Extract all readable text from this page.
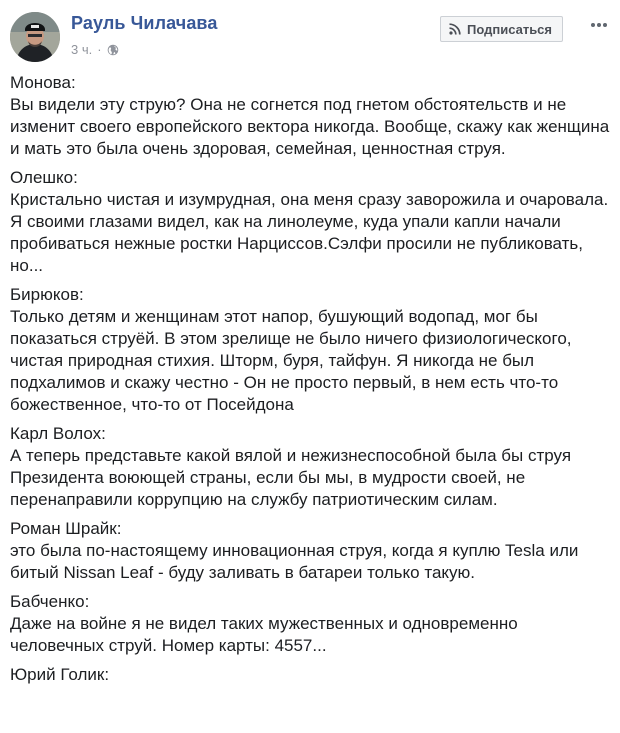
Рауль Чилачава
3 ч. ·
Подписаться
Монова:
Вы видели эту струю? Она не согнется под гнетом обстоятельств и не изменит своего европейского вектора никогда. Вообще, скажу как женщина и мать это была очень здоровая, семейная, ценностная струя.
Олешко:
Кристально чистая и изумрудная, она меня сразу заворожила и очаровала. Я своими глазами видел, как на линолеуме, куда упали капли начали пробиваться нежные ростки Нарциссов.Сэлфи просили не публиковать, но...
Бирюков:
Только детям и женщинам этот напор, бушующий водопад, мог бы показаться струёй. В этом зрелище не было ничего физиологического, чистая природная стихия. Шторм, буря, тайфун. Я никогда не был подхалимов и скажу честно - Он не просто первый, в нем есть что-то божественное, что-то от Посейдона
Карл Волох:
А теперь представьте какой вялой и нежизнеспособной была бы струя Президента воюющей страны, если бы мы, в мудрости своей, не перенаправили коррупцию на службу патриотическим силам.
Роман Шрайк:
это была по-настоящему инновационная струя, когда я куплю Tesla или битый Nissan Leaf - буду заливать в батареи только такую.
Бабченко:
Даже на войне я не видел таких мужественных и одновременно человечных струй. Номер карты: 4557...
Юрий Голик:
